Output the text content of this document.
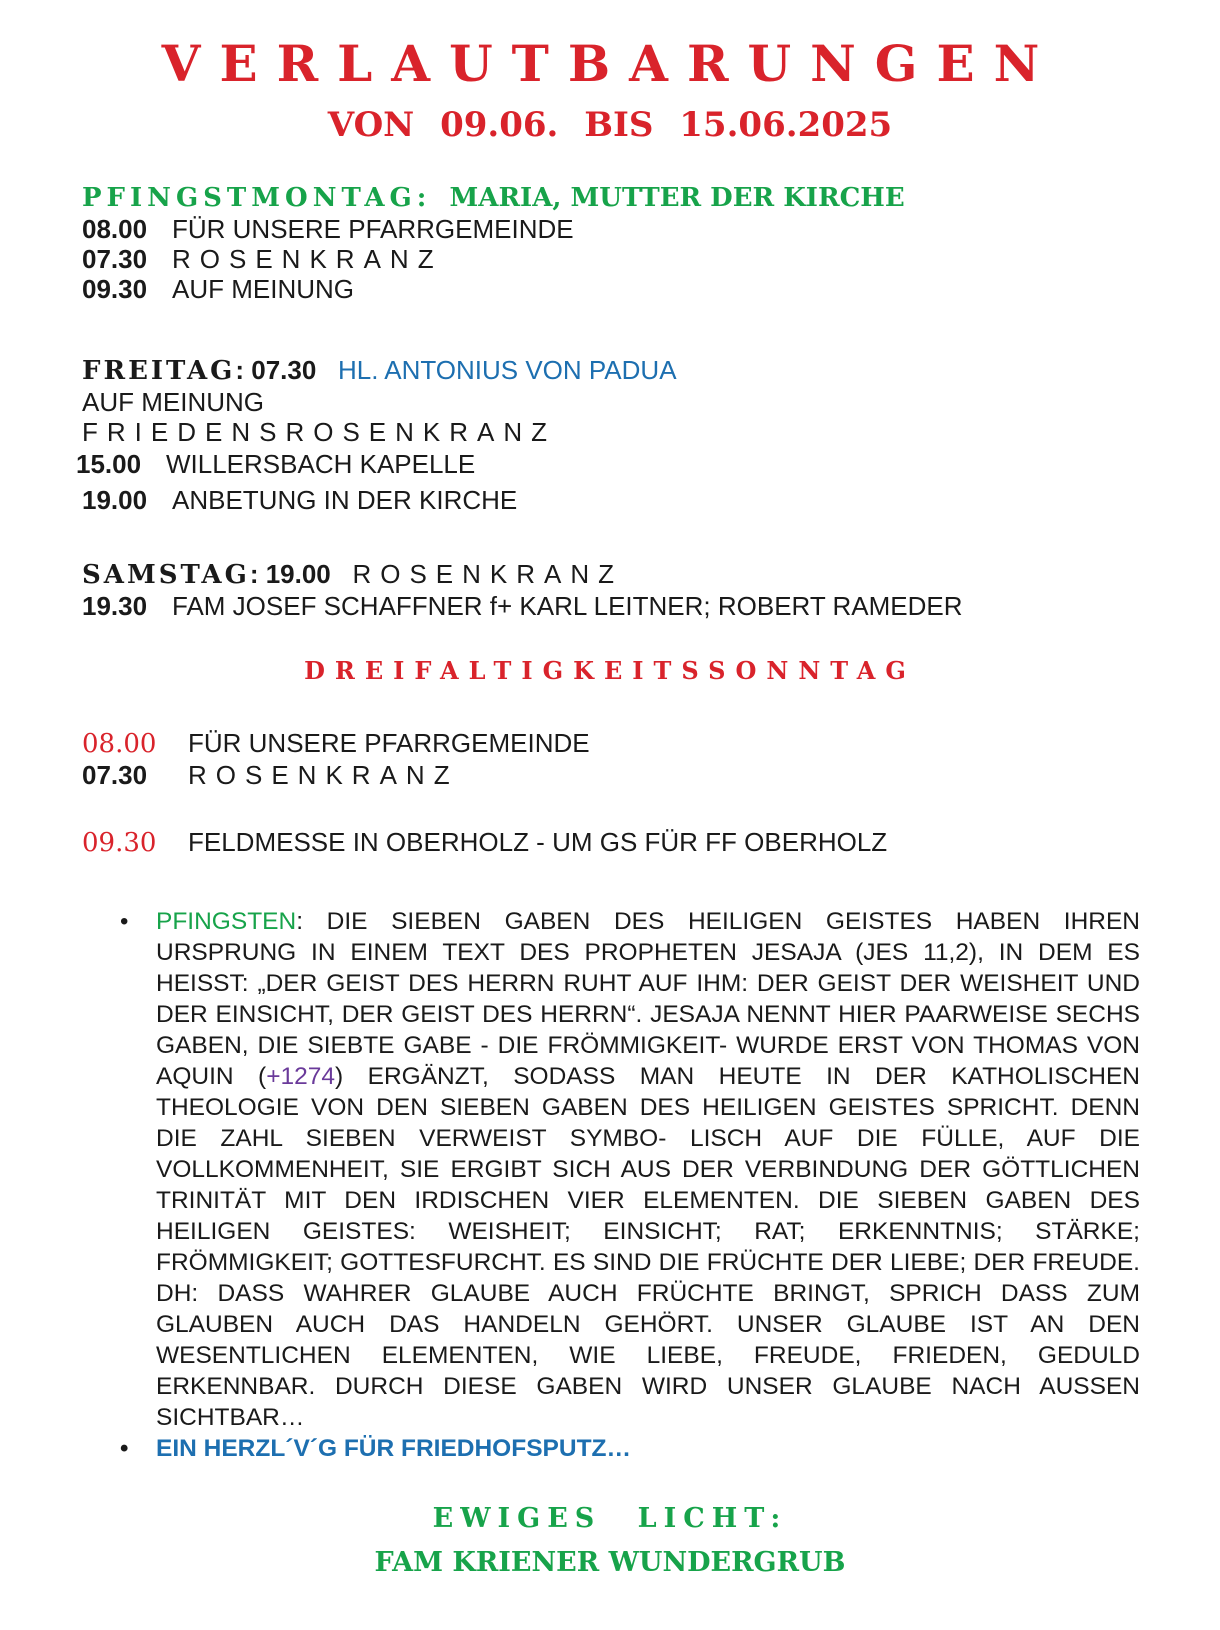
VERLAUTBARUNGEN
VON 09.06. BIS 15.06.2025
PFINGSTMONTAG: MARIA, MUTTER DER KIRCHE
08.00 FÜR UNSERE PFARRGEMEINDE
07.30 ROSENKRANZ
09.30 AUF MEINUNG
FREITAG: 07.30 HL. ANTONIUS VON PADUA
AUF MEINUNG
FRIEDENSROSENKRANZ
15.00 WILLERSBACH KAPELLE
19.00 ANBETUNG IN DER KIRCHE
SAMSTAG: 19.00 ROSENKRANZ
19.30 FAM JOSEF SCHAFFNER f+ KARL LEITNER; ROBERT RAMEDER
DREIFALTIGKEITSSONNTAG
08.00 FÜR UNSERE PFARRGEMEINDE
07.30 ROSENKRANZ
09.30 FELDMESSE IN OBERHOLZ - UM GS FÜR FF OBERHOLZ
• PFINGSTEN: DIE SIEBEN GABEN DES HEILIGEN GEISTES HABEN IHREN URSPRUNG IN EINEM TEXT DES PROPHETEN JESAJA (JES 11,2), IN DEM ES HEISST: „DER GEIST DES HERRN RUHT AUF IHM: DER GEIST DER WEISHEIT UND DER EINSICHT, DER GEIST DES HERRN“. JESAJA NENNT HIER PAARWEISE SECHS GABEN, DIE SIEBTE GABE - DIE FRÖMMIGKEIT- WURDE ERST VON THOMAS VON AQUIN (+1274) ERGÄNZT, SODASS MAN HEUTE IN DER KATHOLISCHEN THEOLOGIE VON DEN SIEBEN GABEN DES HEILIGEN GEISTES SPRICHT. DENN DIE ZAHL SIEBEN VERWEIST SYMBO- LISCH AUF DIE FÜLLE, AUF DIE VOLLKOMMENHEIT, SIE ERGIBT SICH AUS DER VERBINDUNG DER GÖTTLICHEN TRINITÄT MIT DEN IRDISCHEN VIER ELEMENTEN. DIE SIEBEN GABEN DES HEILIGEN GEISTES: WEISHEIT; EINSICHT; RAT; ERKENNTNIS; STÄRKE; FRÖMMIGKEIT; GOTTESFURCHT. ES SIND DIE FRÜCHTE DER LIEBE; DER FREUDE. DH: DASS WAHRER GLAUBE AUCH FRÜCHTE BRINGT, SPRICH DASS ZUM GLAUBEN AUCH DAS HANDELN GEHÖRT. UNSER GLAUBE IST AN DEN WESENTLICHEN ELEMENTEN, WIE LIEBE, FREUDE, FRIEDEN, GEDULD ERKENNBAR. DURCH DIESE GABEN WIRD UNSER GLAUBE NACH AUSSEN SICHTBAR…
• EIN HERZL´V´G FÜR FRIEDHOFSPUTZ…
EWIGES LICHT:
FAM KRIENER WUNDERGRUB
